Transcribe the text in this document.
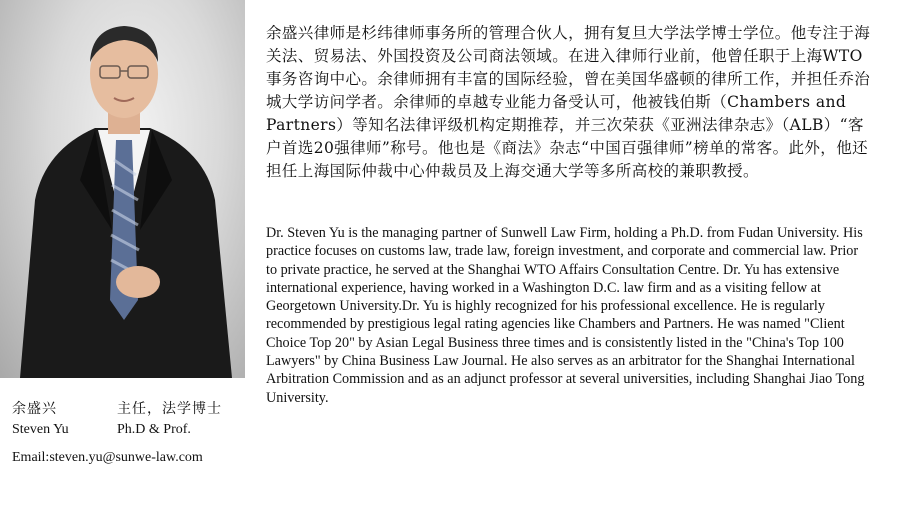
余盛兴	主任，法学博士
Steven Yu	Ph.D & Prof.
Email:steven.yu@sunwe-law.com
余盛兴律师是杉纬律师事务所的管理合伙人，拥有复旦大学法学博士学位。他专注于海关法、贸易法、外国投资及公司商法领域。在进入律师行业前，他曾任职于上海WTO事务咨询中心。余律师拥有丰富的国际经验，曾在美国华盛顿的律所工作，并担任乔治城大学访问学者。余律师的卓越专业能力备受认可，他被钱伯斯（Chambers and Partners）等知名法律评级机构定期推荐，并三次荣获《亚洲法律杂志》（ALB）“客户首选20强律师”称号。他也是《商法》杂志“中国百强律师”榜单的常客。此外，他还担任上海国际仲裁中心仲裁员及上海交通大学等多所高校的兼职教授。
Dr. Steven Yu is the managing partner of Sunwell Law Firm, holding a Ph.D. from Fudan University. His practice focuses on customs law, trade law, foreign investment, and corporate and commercial law. Prior to private practice, he served at the Shanghai WTO Affairs Consultation Centre. Dr. Yu has extensive international experience, having worked in a Washington D.C. law firm and as a visiting fellow at Georgetown University.Dr. Yu is highly recognized for his professional excellence. He is regularly recommended by prestigious legal rating agencies like Chambers and Partners. He was named "Client Choice Top 20" by Asian Legal Business three times and is consistently listed in the "China's Top 100 Lawyers" by China Business Law Journal. He also serves as an arbitrator for the Shanghai International Arbitration Commission and as an adjunct professor at several universities, including Shanghai Jiao Tong University.
